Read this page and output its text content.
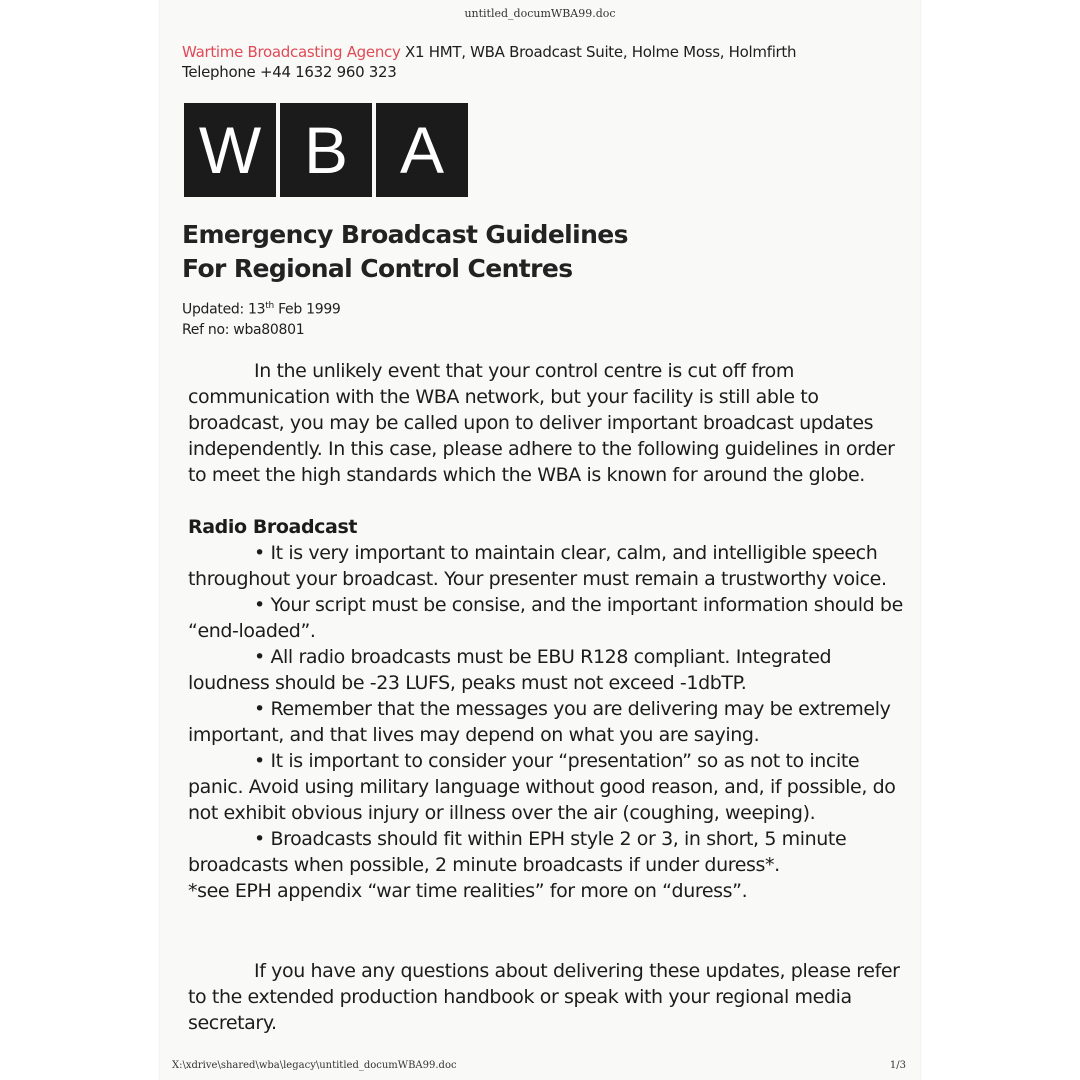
untitled_documWBA99.doc
Wartime Broadcasting Agency X1 HMT, WBA Broadcast Suite, Holme Moss, Holmfirth
Telephone +44 1632 960 323
W B A
Emergency Broadcast Guidelines
For Regional Control Centres
Updated: 13th Feb 1999
Ref no: wba80801

In the unlikely event that your control centre is cut off from communication with the WBA network, but your facility is still able to broadcast, you may be called upon to deliver important broadcast updates independently. In this case, please adhere to the following guidelines in order to meet the high standards which the WBA is known for around the globe.

Radio Broadcast

• It is very important to maintain clear, calm, and intelligible speech throughout your broadcast. Your presenter must remain a trustworthy voice.

• Your script must be consise, and the important information should be “end-loaded”.

• All radio broadcasts must be EBU R128 compliant. Integrated loudness should be -23 LUFS, peaks must not exceed -1dbTP.

• Remember that the messages you are delivering may be extremely important, and that lives may depend on what you are saying.

• It is important to consider your “presentation” so as not to incite panic. Avoid using military language without good reason, and, if possible, do not exhibit obvious injury or illness over the air (coughing, weeping).

• Broadcasts should fit within EPH style 2 or 3, in short, 5 minute broadcasts when possible, 2 minute broadcasts if under duress*.

*see EPH appendix “war time realities” for more on “duress”.

If you have any questions about delivering these updates, please refer to the extended production handbook or speak with your regional media secretary.

X:\xdrive\shared\wba\legacy\untitled_documWBA99.doc	1/3
